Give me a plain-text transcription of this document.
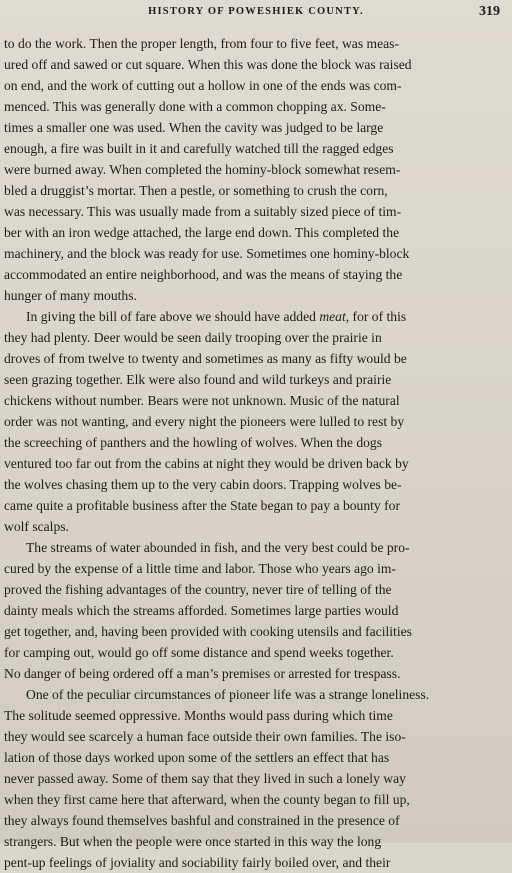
HISTORY OF POWESHIEK COUNTY.	319
to do the work. Then the proper length, from four to five feet, was meas-
ured off and sawed or cut square. When this was done the block was raised
on end, and the work of cutting out a hollow in one of the ends was com-
menced. This was generally done with a common chopping ax. Some-
times a smaller one was used. When the cavity was judged to be large
enough, a fire was built in it and carefully watched till the ragged edges
were burned away. When completed the hominy-block somewhat resem-
bled a druggist’s mortar. Then a pestle, or something to crush the corn,
was necessary. This was usually made from a suitably sized piece of tim-
ber with an iron wedge attached, the large end down. This completed the
machinery, and the block was ready for use. Sometimes one hominy-block
accommodated an entire neighborhood, and was the means of staying the
hunger of many mouths.
In giving the bill of fare above we should have added meat, for of this
they had plenty. Deer would be seen daily trooping over the prairie in
droves of from twelve to twenty and sometimes as many as fifty would be
seen grazing together. Elk were also found and wild turkeys and prairie
chickens without number. Bears were not unknown. Music of the natural
order was not wanting, and every night the pioneers were lulled to rest by
the screeching of panthers and the howling of wolves. When the dogs
ventured too far out from the cabins at night they would be driven back by
the wolves chasing them up to the very cabin doors. Trapping wolves be-
came quite a profitable business after the State began to pay a bounty for
wolf scalps.
The streams of water abounded in fish, and the very best could be pro-
cured by the expense of a little time and labor. Those who years ago im-
proved the fishing advantages of the country, never tire of telling of the
dainty meals which the streams afforded. Sometimes large parties would
get together, and, having been provided with cooking utensils and facilities
for camping out, would go off some distance and spend weeks together.
No danger of being ordered off a man’s premises or arrested for trespass.
One of the peculiar circumstances of pioneer life was a strange loneliness.
The solitude seemed oppressive. Months would pass during which time
they would see scarcely a human face outside their own families. The iso-
lation of those days worked upon some of the settlers an effect that has
never passed away. Some of them say that they lived in such a lonely way
when they first came here that afterward, when the county began to fill up,
they always found themselves bashful and constrained in the presence of
strangers. But when the people were once started in this way the long
pent-up feelings of joviality and sociability fairly boiled over, and their
